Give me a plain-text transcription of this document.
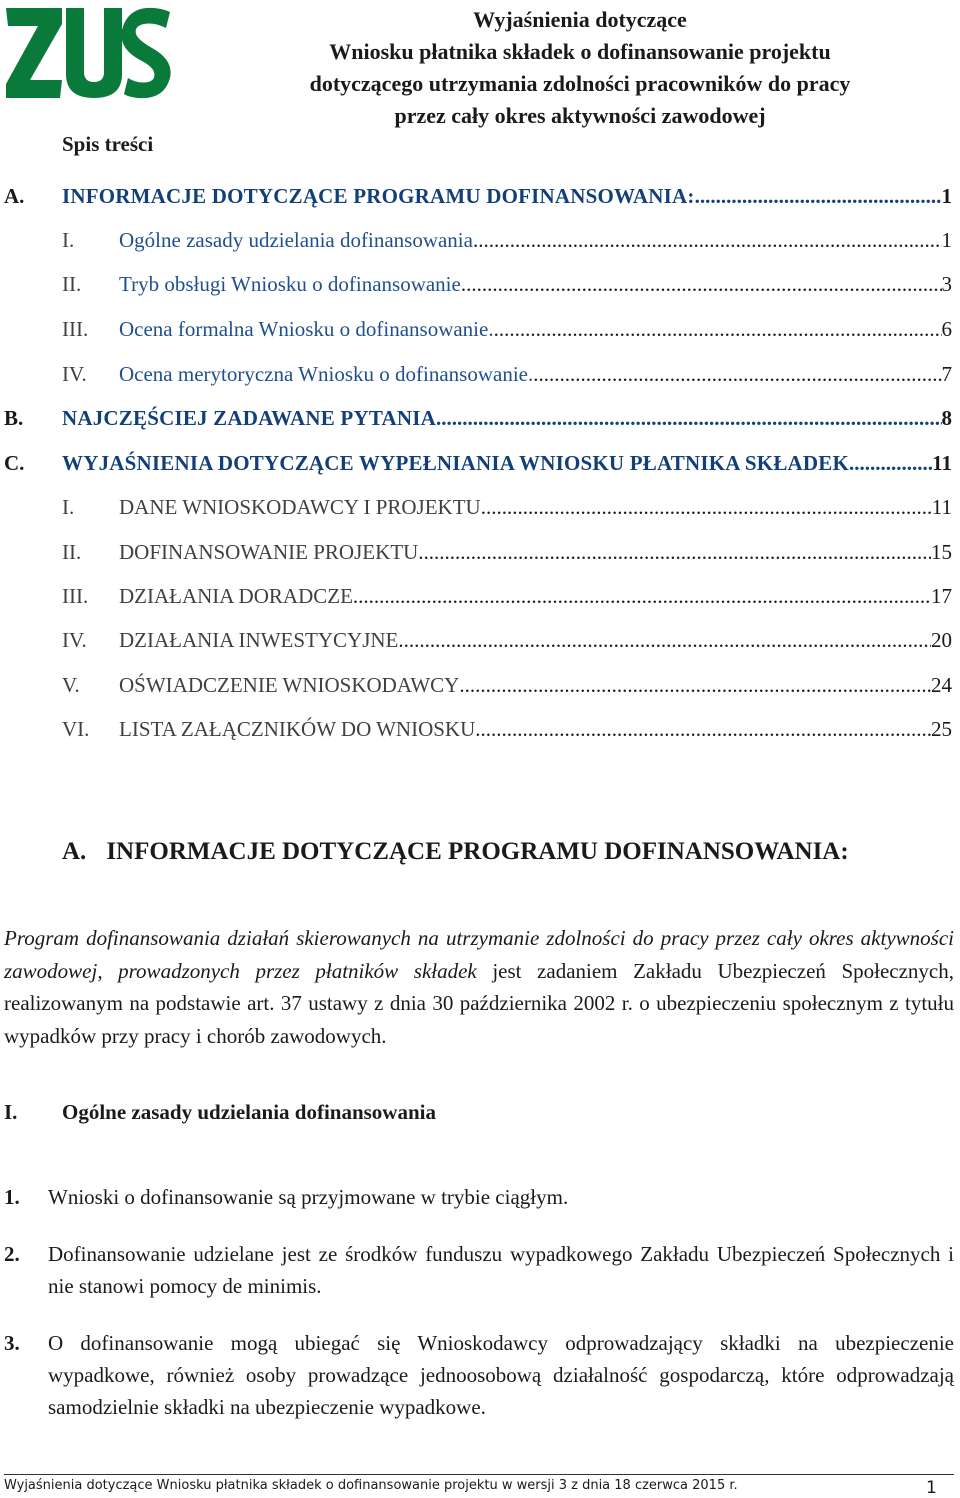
Wyjaśnienia dotyczące
Wniosku płatnika składek o dofinansowanie projektu
dotyczącego utrzymania zdolności pracowników do pracy
przez cały okres aktywności zawodowej
Spis treści
A. INFORMACJE DOTYCZĄCE PROGRAMU DOFINANSOWANIA: .....	1
I. Ogólne zasady udzielania dofinansowania .....	1
II. Tryb obsługi Wniosku o dofinansowanie .....	3
III. Ocena formalna Wniosku o dofinansowanie. .....	6
IV. Ocena merytoryczna Wniosku o dofinansowanie. .....	7
B. NAJCZĘŚCIEJ ZADAWANE PYTANIA .....	8
C. WYJAŚNIENIA DOTYCZĄCE WYPEŁNIANIA WNIOSKU PŁATNIKA SKŁADEK .....	11
I. DANE WNIOSKODAWCY I PROJEKTU .....	11
II. DOFINANSOWANIE PROJEKTU .....	15
III. DZIAŁANIA DORADCZE .....	17
IV. DZIAŁANIA INWESTYCYJNE .....	20
V. OŚWIADCZENIE WNIOSKODAWCY .....	24
VI. LISTA ZAŁĄCZNIKÓW DO WNIOSKU .....	25
A. INFORMACJE DOTYCZĄCE PROGRAMU DOFINANSOWANIA:

Program dofinansowania działań skierowanych na utrzymanie zdolności do pracy przez cały okres aktywności zawodowej, prowadzonych przez płatników składek jest zadaniem Zakładu Ubezpieczeń Społecznych, realizowanym na podstawie art. 37 ustawy z dnia 30 października 2002 r. o ubezpieczeniu społecznym z tytułu wypadków przy pracy i chorób zawodowych.

I. Ogólne zasady udzielania dofinansowania
1. Wnioski o dofinansowanie są przyjmowane w trybie ciągłym.
2. Dofinansowanie udzielane jest ze środków funduszu wypadkowego Zakładu Ubezpieczeń Społecznych i nie stanowi pomocy de minimis.
3. O dofinansowanie mogą ubiegać się Wnioskodawcy odprowadzający składki na ubezpieczenie wypadkowe, również osoby prowadzące jednoosobową działalność gospodarczą, które odprowadzają samodzielnie składki na ubezpieczenie wypadkowe.
Wyjaśnienia dotyczące Wniosku płatnika składek o dofinansowanie projektu w wersji 3 z dnia 18 czerwca 2015 r.	1
